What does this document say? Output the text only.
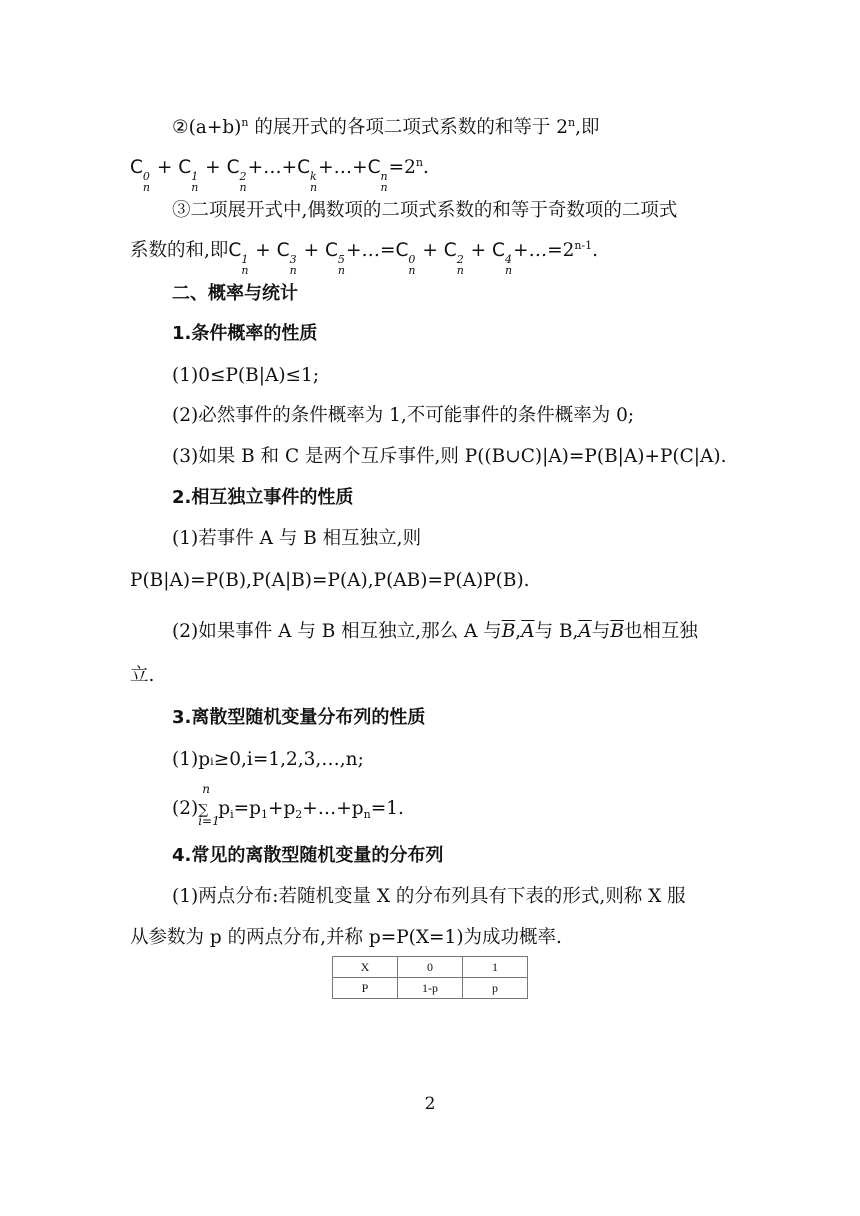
$②(a+b)^n$ 的展开式的各项二项式系数的和等于 2$^n$,即
C 0
n
+ C 1
n
+ C 2
n
+…+C k
n
+…+C n
n
$=2^n$.
③二项展开式中,偶数项的二项式系数的和等于奇数项的二项式
系数的和,即C 1
n
+ C 3
n
+ C 5
n
+…=C 0
n
+ C 2
n
+ C 4
n
$+\dots=2^{n-1}$.
二、概率与统计
1.条件概率的性质
(1)0≤P(B|A)≤1;
(2)必然事件的条件概率为 1,不可能事件的条件概率为 0;
(3)如果 B 和 C 是两个互斥事件,则 P((B∪C)|A)=P(B|A)+P(C|A).
2.相互独立事件的性质
(1)若事件 A 与 B 相互独立,则
P(B|A)=P(B),P(A|B)=P(A),P(AB)=P(A)P(B).
(2)如果事件 A 与 B 相互独立,那么 A 与$\overline{B},\overline{A}$与 $B,\overline{A}$与$\overline{B}$也相互独
立.
3.离散型随机变量分布列的性质
(1)pᵢ≥0,i=1,2,3,…,n;
(2)
n
∑
i=1
$p_i=p_1+p_2+\dots+p_n=1$.
4.常见的离散型随机变量的分布列
(1)两点分布:若随机变量 X 的分布列具有下表的形式,则称 X 服
从参数为 p 的两点分布,并称 p=P(X=1)为成功概率.
X	0	1
P	1-p	p
2
